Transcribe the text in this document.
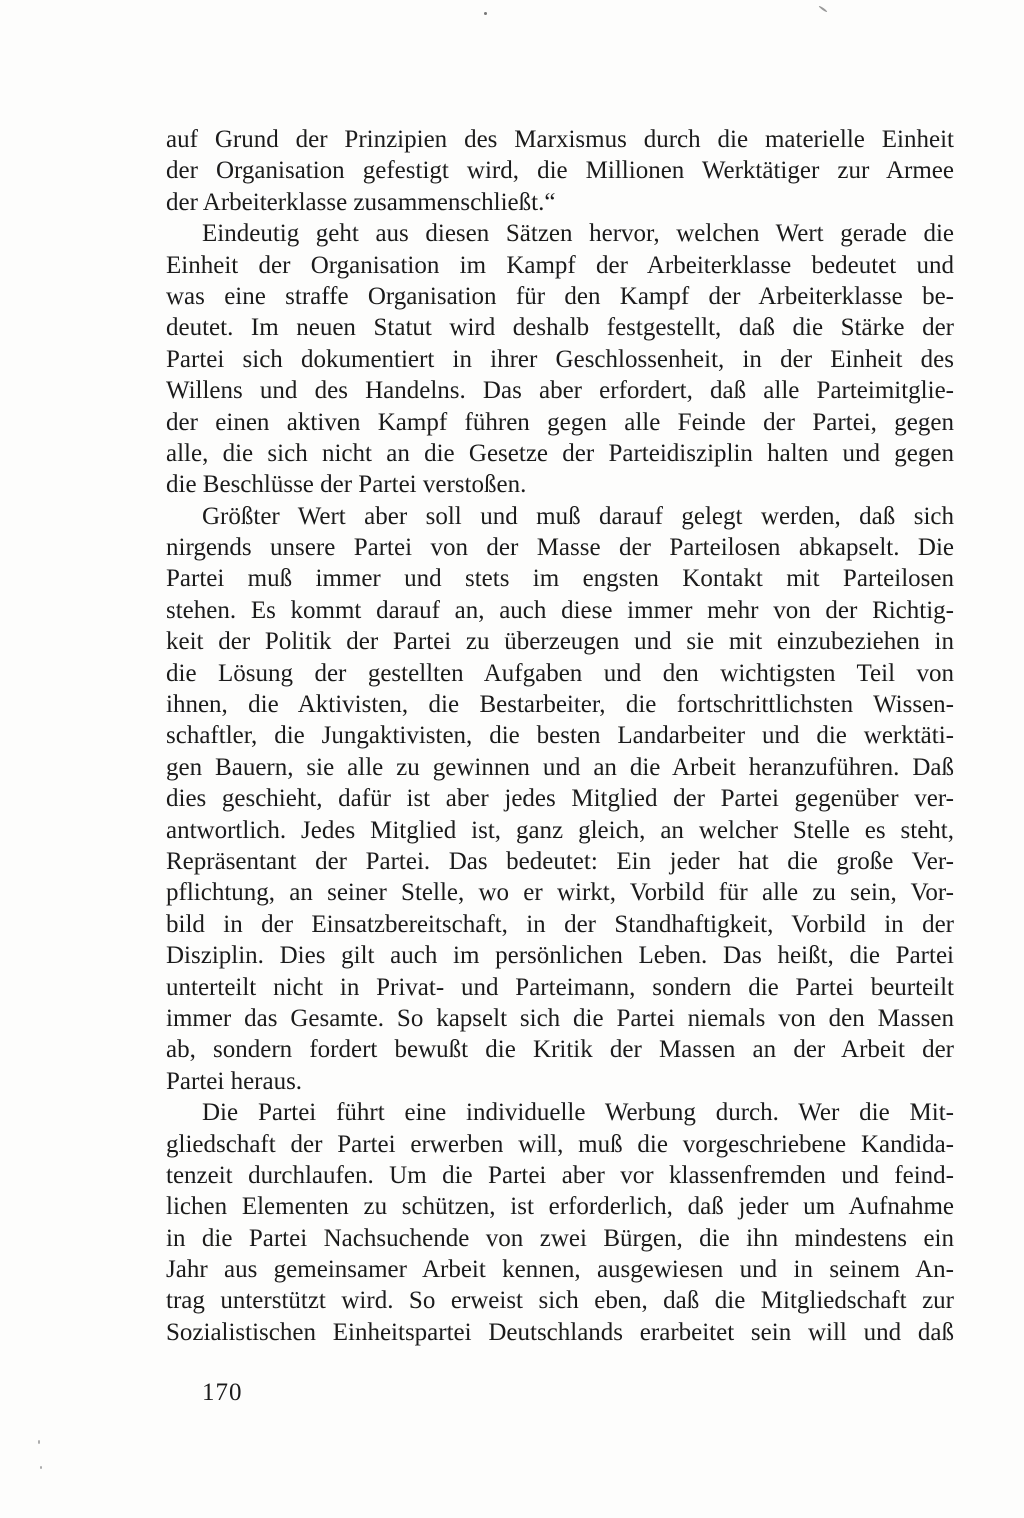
auf Grund der Prinzipien des Marxismus durch die materielle Einheit
der Organisation gefestigt wird, die Millionen Werktätiger zur Armee
der Arbeiterklasse zusammenschließt.“
Eindeutig geht aus diesen Sätzen hervor, welchen Wert gerade die
Einheit der Organisation im Kampf der Arbeiterklasse bedeutet und
was eine straffe Organisation für den Kampf der Arbeiterklasse be-
deutet. Im neuen Statut wird deshalb festgestellt, daß die Stärke der
Partei sich dokumentiert in ihrer Geschlossenheit, in der Einheit des
Willens und des Handelns. Das aber erfordert, daß alle Parteimitglie-
der einen aktiven Kampf führen gegen alle Feinde der Partei, gegen
alle, die sich nicht an die Gesetze der Parteidisziplin halten und gegen
die Beschlüsse der Partei verstoßen.
Größter Wert aber soll und muß darauf gelegt werden, daß sich
nirgends unsere Partei von der Masse der Parteilosen abkapselt. Die
Partei muß immer und stets im engsten Kontakt mit Parteilosen
stehen. Es kommt darauf an, auch diese immer mehr von der Richtig-
keit der Politik der Partei zu überzeugen und sie mit einzubeziehen in
die Lösung der gestellten Aufgaben und den wichtigsten Teil von
ihnen, die Aktivisten, die Bestarbeiter, die fortschrittlichsten Wissen-
schaftler, die Jungaktivisten, die besten Landarbeiter und die werktäti-
gen Bauern, sie alle zu gewinnen und an die Arbeit heranzuführen. Daß
dies geschieht, dafür ist aber jedes Mitglied der Partei gegenüber ver-
antwortlich. Jedes Mitglied ist, ganz gleich, an welcher Stelle es steht,
Repräsentant der Partei. Das bedeutet: Ein jeder hat die große Ver-
pflichtung, an seiner Stelle, wo er wirkt, Vorbild für alle zu sein, Vor-
bild in der Einsatzbereitschaft, in der Standhaftigkeit, Vorbild in der
Disziplin. Dies gilt auch im persönlichen Leben. Das heißt, die Partei
unterteilt nicht in Privat- und Parteimann, sondern die Partei beurteilt
immer das Gesamte. So kapselt sich die Partei niemals von den Massen
ab, sondern fordert bewußt die Kritik der Massen an der Arbeit der
Partei heraus.
Die Partei führt eine individuelle Werbung durch. Wer die Mit-
gliedschaft der Partei erwerben will, muß die vorgeschriebene Kandida-
tenzeit durchlaufen. Um die Partei aber vor klassenfremden und feind-
lichen Elementen zu schützen, ist erforderlich, daß jeder um Aufnahme
in die Partei Nachsuchende von zwei Bürgen, die ihn mindestens ein
Jahr aus gemeinsamer Arbeit kennen, ausgewiesen und in seinem An-
trag unterstützt wird. So erweist sich eben, daß die Mitgliedschaft zur
Sozialistischen Einheitspartei Deutschlands erarbeitet sein will und daß
170
